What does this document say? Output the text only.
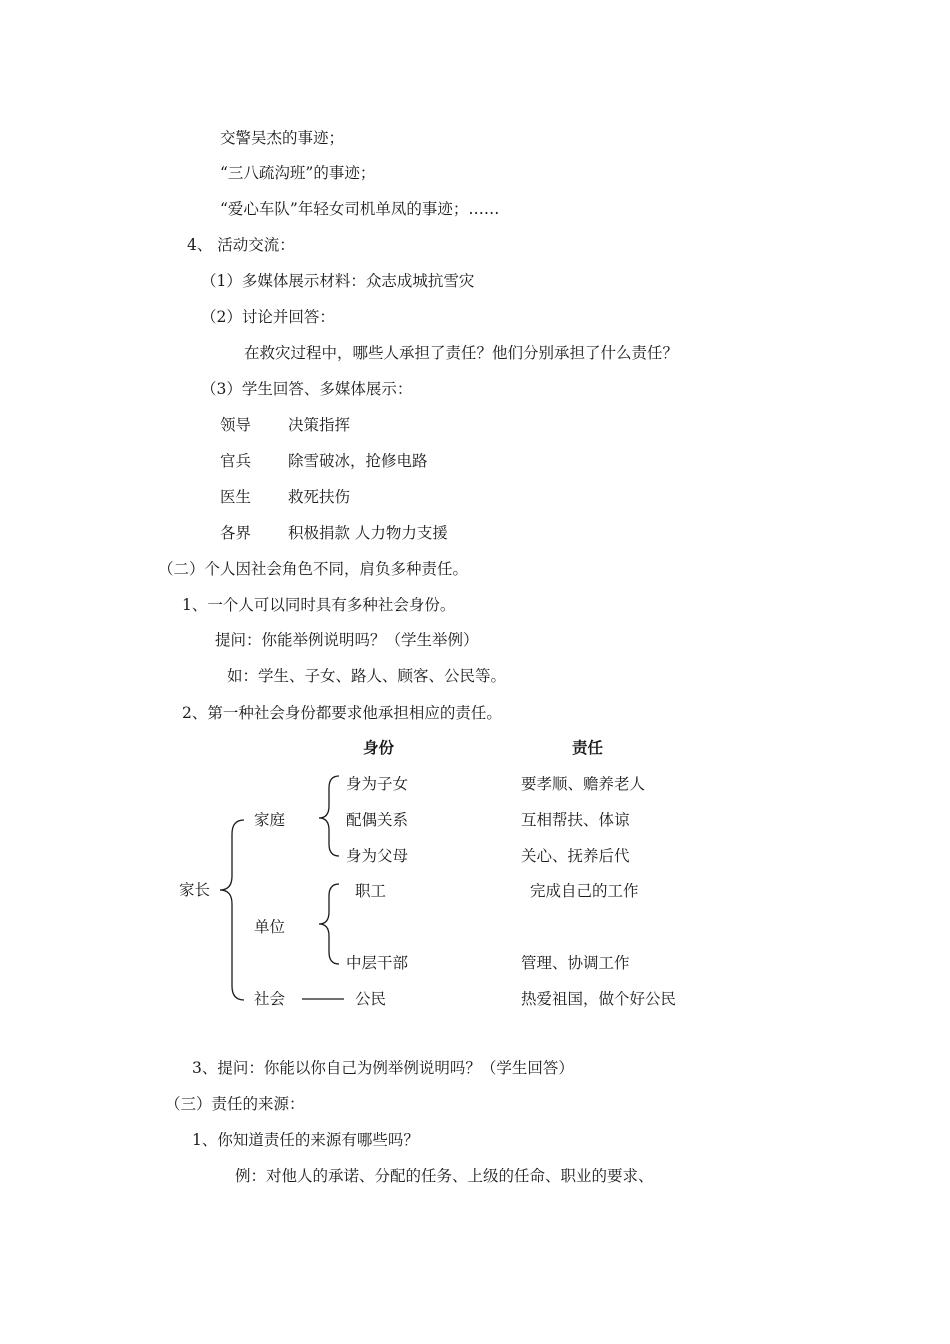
交警吴杰的事迹；
“三八疏沟班”的事迹；
“爱心车队”年轻女司机单凤的事迹；……
4、 活动交流：
（1）多媒体展示材料：众志成城抗雪灾
（2）讨论并回答：
在救灾过程中，哪些人承担了责任？他们分别承担了什么责任？
（3）学生回答、多媒体展示：
领导 决策指挥
官兵 除雪破冰，抢修电路
医生 救死扶伤
各界 积极捐款 人力物力支援
（二）个人因社会角色不同，肩负多种责任。
1、一个人可以同时具有多种社会身份。
提问：你能举例说明吗？（学生举例）
如：学生、子女、路人、顾客、公民等。
2、第一种社会身份都要求他承担相应的责任。
身份	责任
家长
家庭
单位
社会
身为子女
配偶关系
身为父母
职工
中层干部
公民
要孝顺、赡养老人
互相帮扶、体谅
关心、抚养后代
完成自己的工作
管理、协调工作
热爱祖国，做个好公民
3、提问：你能以你自己为例举例说明吗？（学生回答）
（三）责任的来源：
1、你知道责任的来源有哪些吗？
例：对他人的承诺、分配的任务、上级的任命、职业的要求、
